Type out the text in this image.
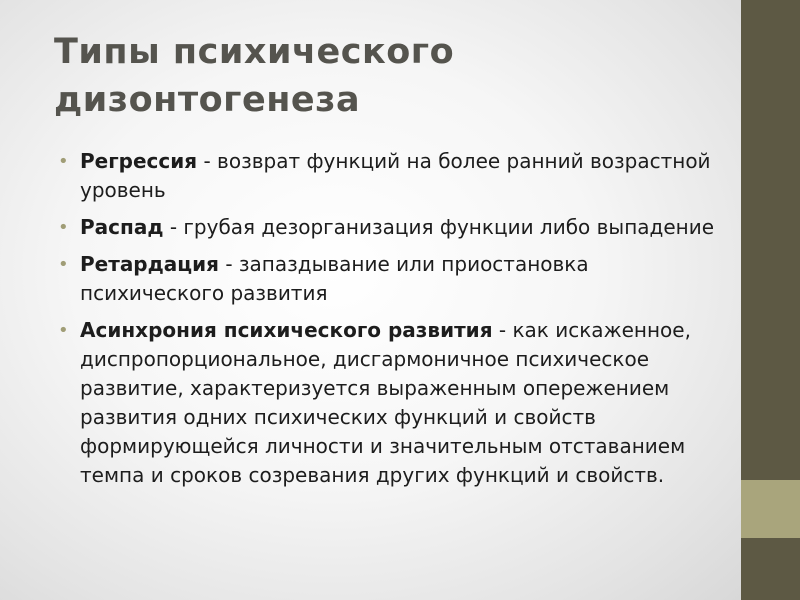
Типы психического
дизонтогенеза
• Регрессия - возврат функций на более ранний возрастной уровень
• Распад - грубая дезорганизация функции либо выпадение
• Ретардация - запаздывание или приостановка психического развития
• Асинхрония психического развития - как искаженное, диспропорциональное, дисгармоничное психическое развитие, характеризуется выраженным опережением развития одних психических функций и свойств формирующейся личности и значительным отставанием темпа и сроков созревания других функций и свойств.
